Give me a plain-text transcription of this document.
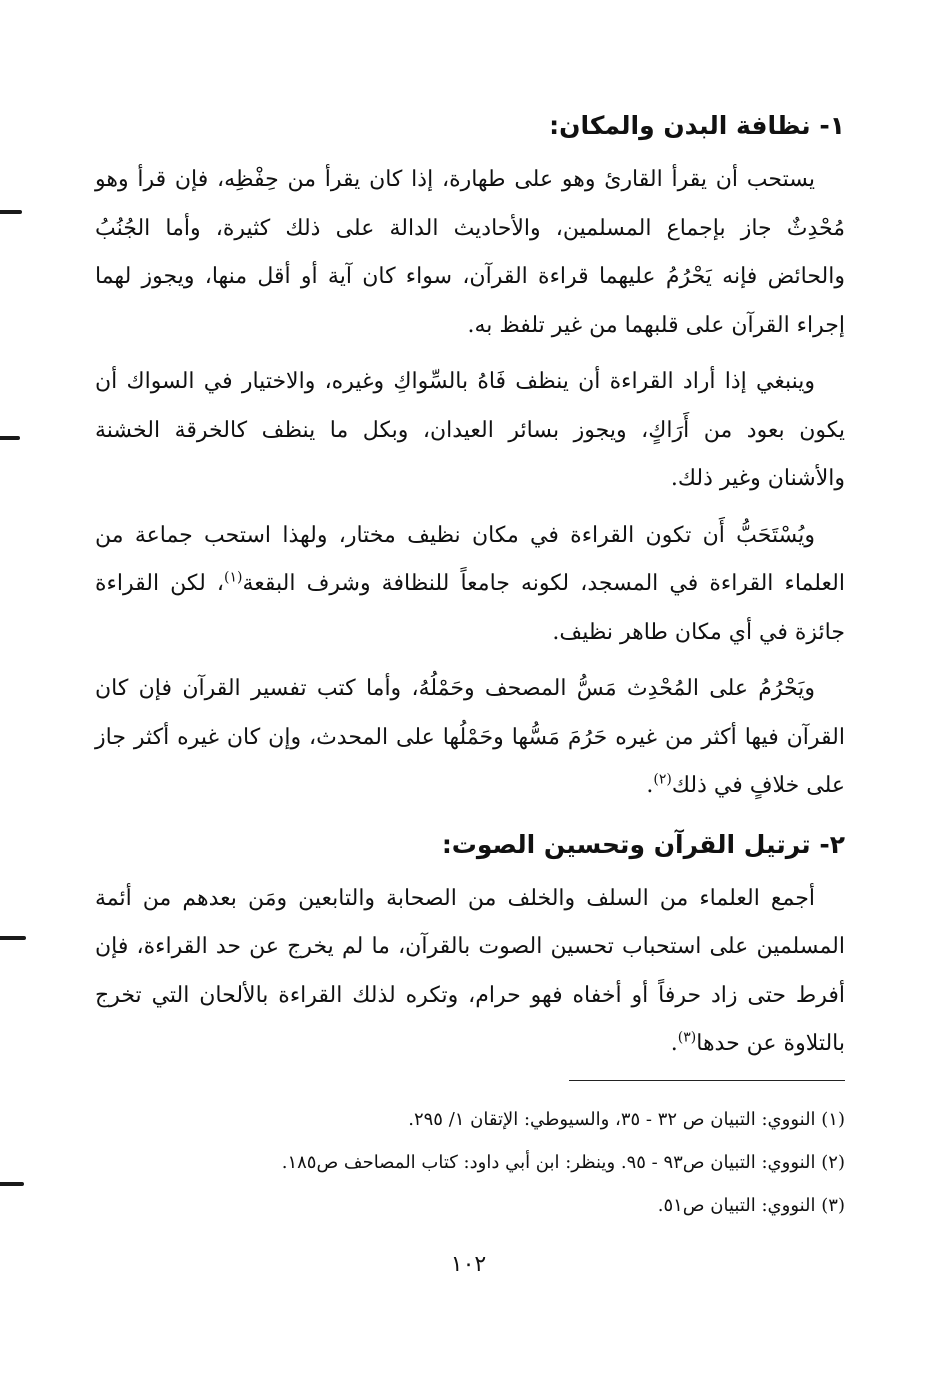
١- نظافة البدن والمكان:

يستحب أن يقرأ القارئ وهو على طهارة، إذا كان يقرأ من حِفْظِه، فإن قرأ وهو مُحْدِثٌ جاز بإجماع المسلمين، والأحاديث الدالة على ذلك كثيرة، وأما الجُنُبُ والحائض فإنه يَحْرُمُ عليهما قراءة القرآن، سواء كان آية أو أقل منها، ويجوز لهما إجراء القرآن على قلبهما من غير تلفظ به.

وينبغي إذا أراد القراءة أن ينظف فَاهُ بالسِّواكِ وغيره، والاختيار في السواك أن يكون بعود من أَرَاكٍ، ويجوز بسائر العيدان، وبكل ما ينظف كالخرقة الخشنة والأشنان وغير ذلك.

ويُسْتَحَبُّ أَن تكون القراءة في مكان نظيف مختار، ولهذا استحب جماعة من العلماء القراءة في المسجد، لكونه جامعاً للنظافة وشرف البقعة$^{(١)}$، لكن القراءة جائزة في أي مكان طاهر نظيف.

ويَحْرُمُ على المُحْدِث مَسُّ المصحف وحَمْلُهُ، وأما كتب تفسير القرآن فإن كان القرآن فيها أكثر من غيره حَرُمَ مَسُّها وحَمْلُها على المحدث، وإن كان غيره أكثر جاز على خلافٍ في ذلك$^{(٢)}$.

٢- ترتيل القرآن وتحسين الصوت:

أجمع العلماء من السلف والخلف من الصحابة والتابعين ومَن بعدهم من أئمة المسلمين على استحباب تحسين الصوت بالقرآن، ما لم يخرج عن حد القراءة، فإن أفرط حتى زاد حرفاً أو أخفاه فهو حرام، وتكره لذلك القراءة بالألحان التي تخرج بالتلاوة عن حدها$^{(٣)}$.

(١) النووي: التبيان ص ٣٢ - ٣٥، والسيوطي: الإتقان ١/ ٢٩٥.

(٢) النووي: التبيان ص٩٣ - ٩٥. وينظر: ابن أبي داود: كتاب المصاحف ص١٨٥.

(٣) النووي: التبيان ص٥١.

١٠٢
